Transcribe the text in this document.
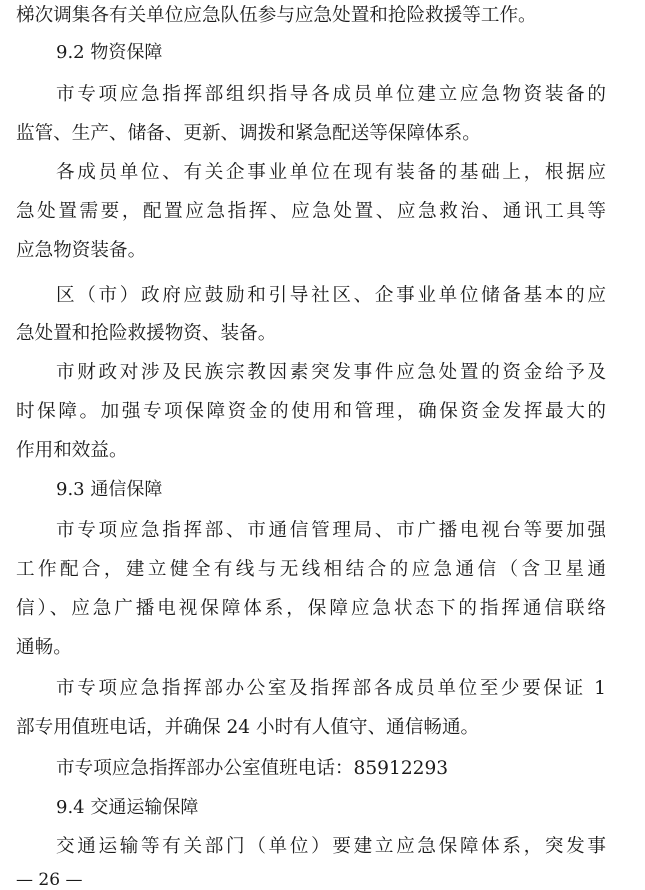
梯次调集各有关单位应急队伍参与应急处置和抢险救援等工作。
9.2 物资保障
市专项应急指挥部组织指导各成员单位建立应急物资装备的
监管、生产、储备、更新、调拨和紧急配送等保障体系。
各成员单位、有关企事业单位在现有装备的基础上，根据应
急处置需要，配置应急指挥、应急处置、应急救治、通讯工具等
应急物资装备。
区（市）政府应鼓励和引导社区、企事业单位储备基本的应
急处置和抢险救援物资、装备。
市财政对涉及民族宗教因素突发事件应急处置的资金给予及
时保障。加强专项保障资金的使用和管理，确保资金发挥最大的
作用和效益。
9.3 通信保障
市专项应急指挥部、市通信管理局、市广播电视台等要加强
工作配合，建立健全有线与无线相结合的应急通信（含卫星通
信）、应急广播电视保障体系，保障应急状态下的指挥通信联络
通畅。
市专项应急指挥部办公室及指挥部各成员单位至少要保证 1
部专用值班电话，并确保 24 小时有人值守、通信畅通。
市专项应急指挥部办公室值班电话：85912293
9.4 交通运输保障
交通运输等有关部门（单位）要建立应急保障体系，突发事
— 26 —
